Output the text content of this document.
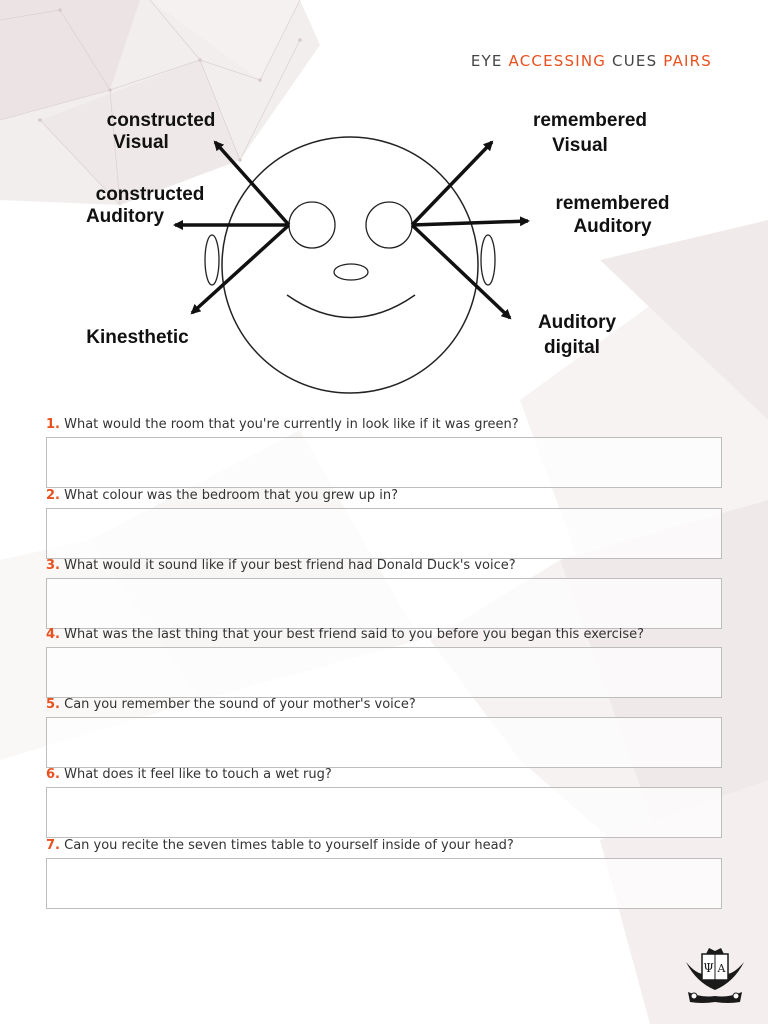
EYE ACCESSING CUES PAIRS
constructed
Visual
constructed
Auditory
Kinesthetic
remembered
Visual
remembered
Auditory
Auditory
digital
1. What would the room that you're currently in look like if it was green?
2. What colour was the bedroom that you grew up in?
3. What would it sound like if your best friend had Donald Duck's voice?
4. What was the last thing that your best friend said to you before you began this exercise?
5. Can you remember the sound of your mother's voice?
6. What does it feel like to touch a wet rug?
7. Can you recite the seven times table to yourself inside of your head?
Ψ A
